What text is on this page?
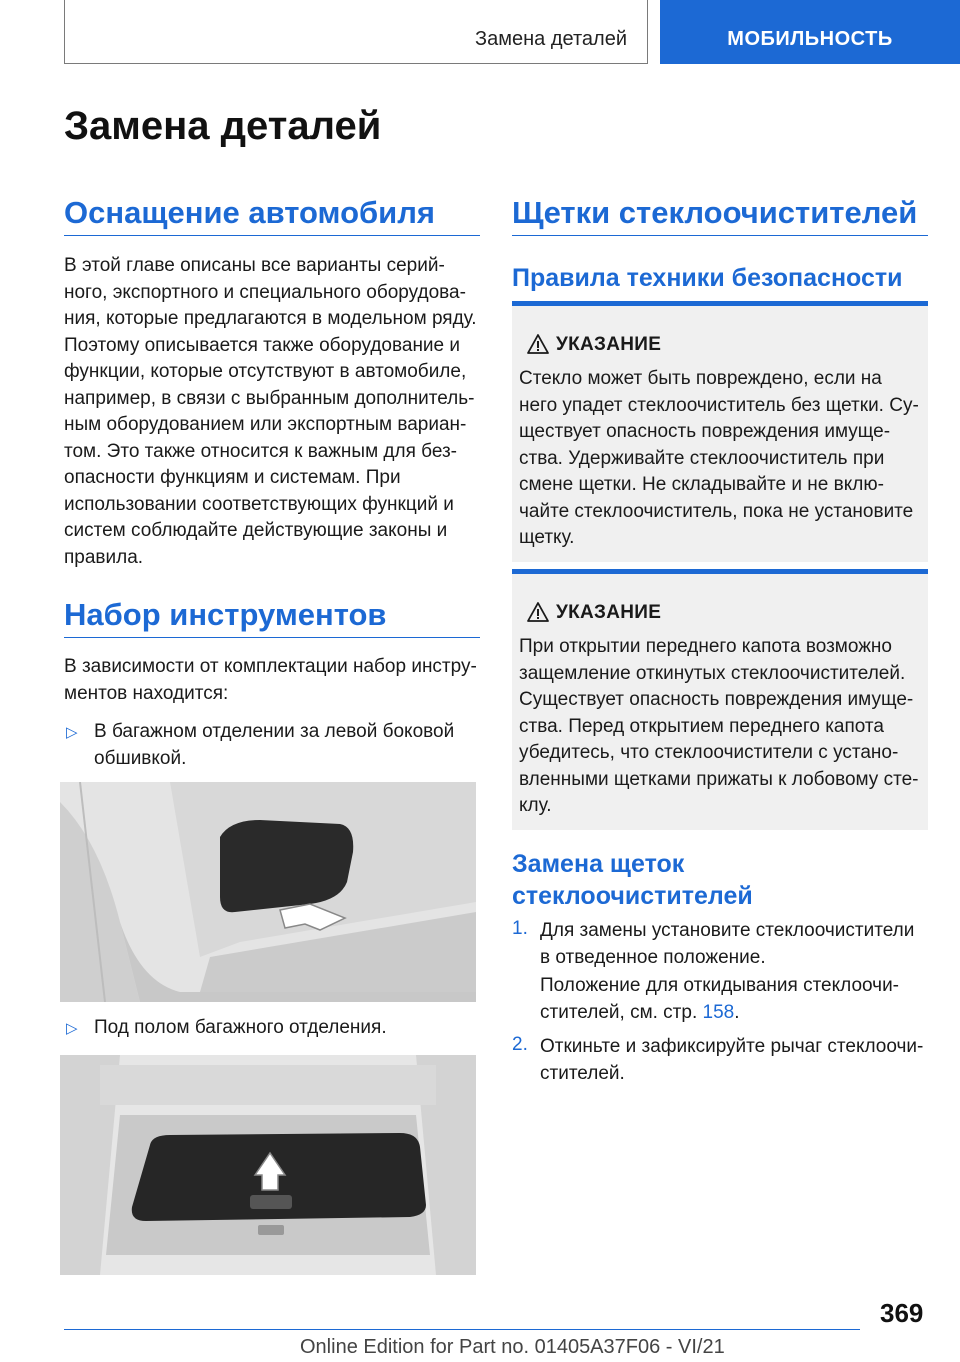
Замена деталей	МОБИЛЬНОСТЬ
Замена деталей
Оснащение автомобиля
В этой главе описаны все варианты серий-
ного, экспортного и специального оборудова-
ния, которые предлагаются в модельном ряду.
Поэтому описывается также оборудование и
функции, которые отсутствуют в автомобиле,
например, в связи с выбранным дополнитель-
ным оборудованием или экспортным вариан-
том. Это также относится к важным для без-
опасности функциям и системам. При
использовании соответствующих функций и
систем соблюдайте действующие законы и
правила.
Набор инструментов
В зависимости от комплектации набор инстру-
ментов находится:
▷ В багажном отделении за левой боковой
обшивкой.
▷ Под полом багажного отделения.
Щетки стеклоочистителей
Правила техники безопасности
УКАЗАНИЕ
Стекло может быть повреждено, если на
него упадет стеклоочиститель без щетки. Су-
ществует опасность повреждения имуще-
ства. Удерживайте стеклоочиститель при
смене щетки. Не складывайте и не вклю-
чайте стеклоочиститель, пока не установите
щетку.
УКАЗАНИЕ
При открытии переднего капота возможно
защемление откинутых стеклоочистителей.
Существует опасность повреждения имуще-
ства. Перед открытием переднего капота
убедитесь, что стеклоочистители с устано-
вленными щетками прижаты к лобовому сте-
клу.
Замена щеток
стеклоочистителей
1. Для замены установите стеклоочистители
в отведенное положение.
Положение для откидывания стеклоочи-
стителей, см. стр. 158.
2. Откиньте и зафиксируйте рычаг стеклоочи-
стителей.
369
Online Edition for Part no. 01405A37F06 - VI/21
